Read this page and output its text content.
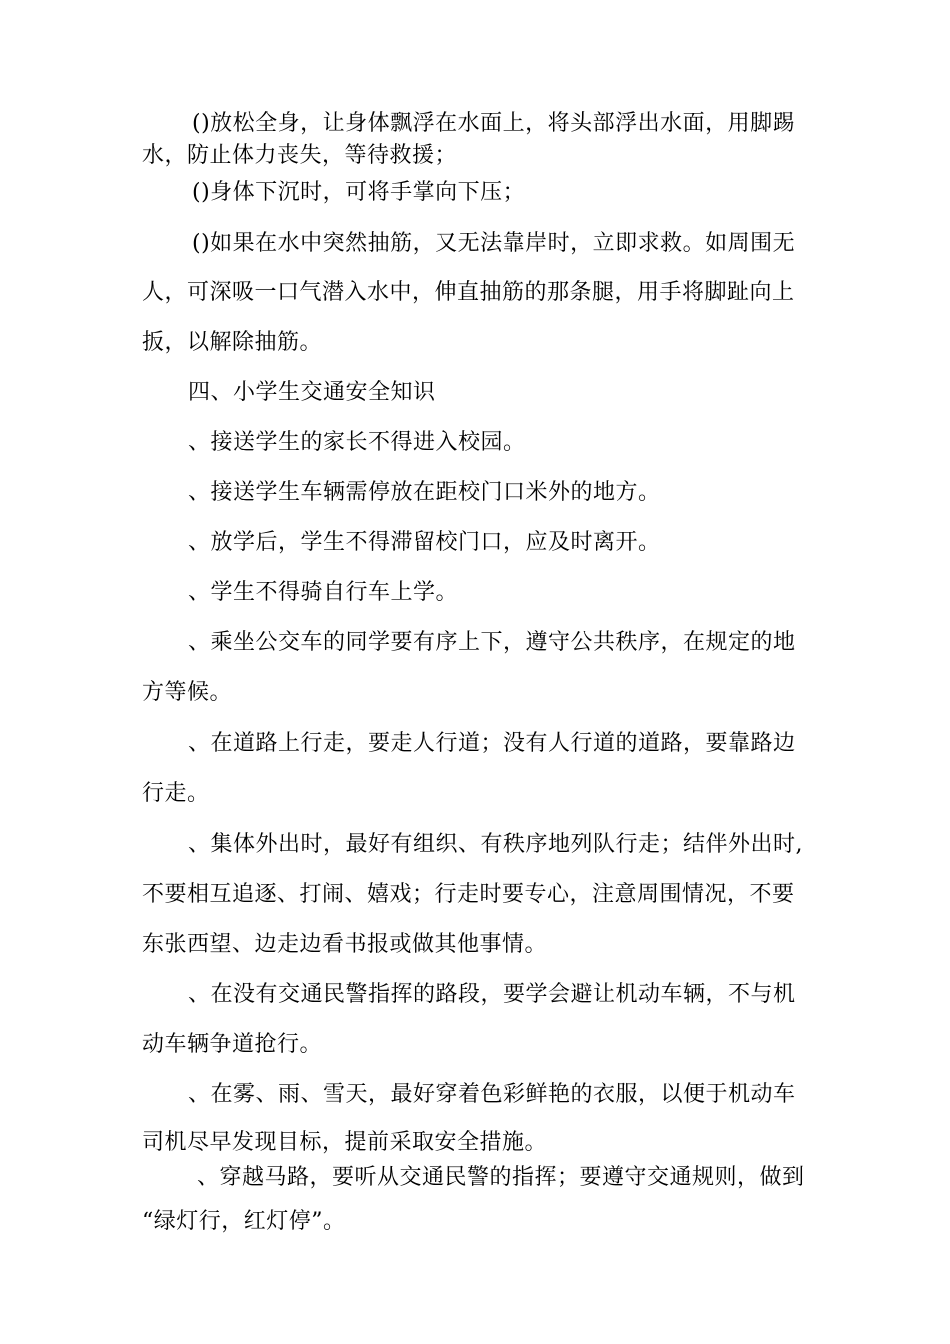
()放松全身，让身体飘浮在水面上，将头部浮出水面，用脚踢
水，防止体力丧失，等待救援；
()身体下沉时，可将手掌向下压；
()如果在水中突然抽筋，又无法靠岸时，立即求救。如周围无
人，可深吸一口气潜入水中，伸直抽筋的那条腿，用手将脚趾向上
扳，以解除抽筋。
四、小学生交通安全知识
、接送学生的家长不得进入校园。
、接送学生车辆需停放在距校门口米外的地方。
、放学后，学生不得滞留校门口，应及时离开。
、学生不得骑自行车上学。
、乘坐公交车的同学要有序上下，遵守公共秩序，在规定的地
方等候。
、在道路上行走，要走人行道；没有人行道的道路，要靠路边
行走。
、集体外出时，最好有组织、有秩序地列队行走；结伴外出时,
不要相互追逐、打闹、嬉戏；行走时要专心，注意周围情况，不要
东张西望、边走边看书报或做其他事情。
、在没有交通民警指挥的路段，要学会避让机动车辆，不与机
动车辆争道抢行。
、在雾、雨、雪天，最好穿着色彩鲜艳的衣服，以便于机动车
司机尽早发现目标，提前采取安全措施。
、穿越马路，要听从交通民警的指挥；要遵守交通规则，做到
“绿灯行，红灯停”。
